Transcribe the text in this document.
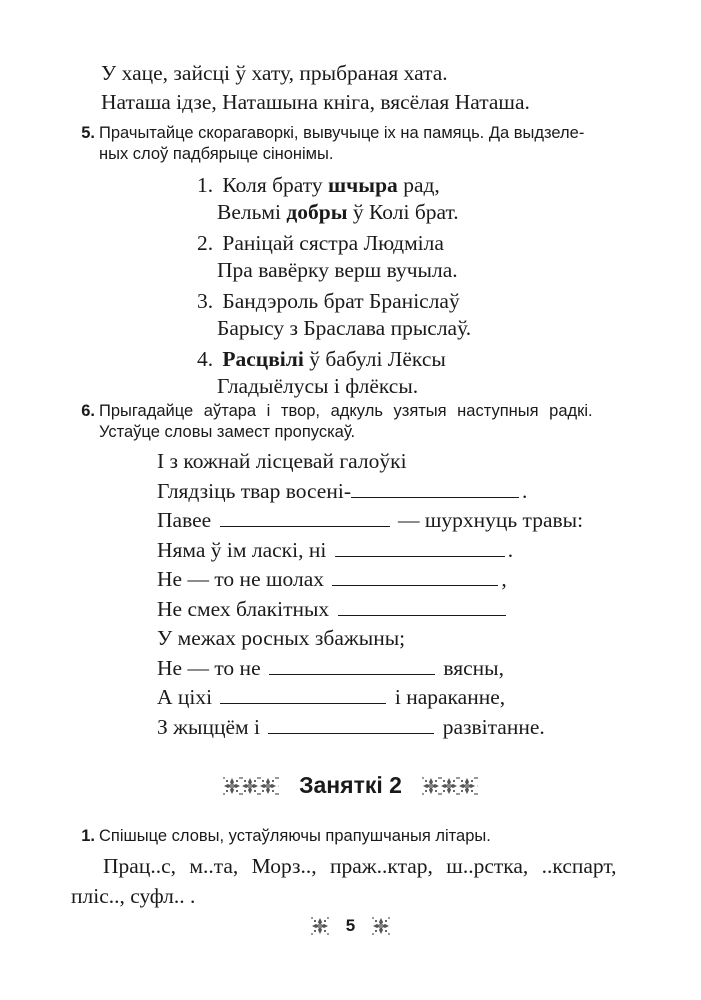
У хаце, зайсці ў хату, прыбраная хата.
Наташа ідзе, Наташына кніга, вясёлая Наташа.
5. Прачытайце скорагаворкі, вывучыце іх на памяць. Да выдзеле-
ных слоў падбярыце сінонімы.
1. Коля брату шчыра рад,
Вельмі добры ў Колі брат.
2. Раніцай сястра Людміла
Пра вавёрку верш вучыла.
3. Бандэроль брат Браніслаў
Барысу з Браслава прыслаў.
4. Расцвілі ў бабулі Лёксы
Гладыёлусы і флёксы.
6. Прыгадайце аўтара і твор, адкуль узятыя наступныя радкі.
Устаўце словы замест пропускаў.
І з кожнай лісцевай галоўкі
Глядзіць твар восені-	.
Павее	— шурхнуць травы:
Няма ў ім ласкі, ні	.
Не — то не шолах	,
Не смех блакітных
У межах росных збажыны;
Не — то не	вясны,
А ціхі	і нараканне,
З жыццём і	развітанне.
Заняткі 2
1. Спішыце словы, устаўляючы прапушчаныя літары.
Прац..с, м..та, Морз.., праж..ктар, ш..рстка, ..кспарт,
пліс.., суфл.. .
5
